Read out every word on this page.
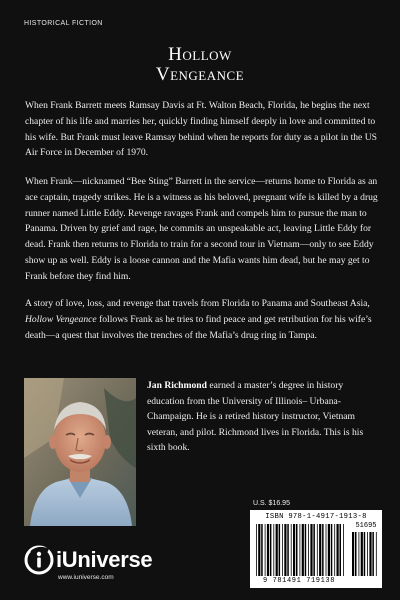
HISTORICAL FICTION
Hollow
Vengeance

When Frank Barrett meets Ramsay Davis at Ft. Walton Beach, Florida, he begins the next chapter of his life and marries her, quickly finding himself deeply in love and committed to his wife. But Frank must leave Ramsay behind when he reports for duty as a pilot in the US Air Force in December of 1970.

When Frank—nicknamed “Bee Sting” Barrett in the service—returns home to Florida as an ace captain, tragedy strikes. He is a witness as his beloved, pregnant wife is killed by a drug runner named Little Eddy. Revenge ravages Frank and compels him to pursue the man to Panama. Driven by grief and rage, he commits an unspeakable act, leaving Little Eddy for dead. Frank then returns to Florida to train for a second tour in Vietnam—only to see Eddy show up as well. Eddy is a loose cannon and the Mafia wants him dead, but he may get to Frank before they find him.

A story of love, loss, and revenge that travels from Florida to Panama and Southeast Asia, Hollow Vengeance follows Frank as he tries to find peace and get retribution for his wife’s death—a quest that involves the trenches of the Mafia’s drug ring in Tampa.

Jan Richmond earned a master’s degree in history education from the University of Illinois– Urbana-Champaign. He is a retired history instructor, Vietnam veteran, and pilot. Richmond lives in Florida. This is his sixth book.

U.S. $16.95
ISBN 978-1-4917-1913-8
9 781491 719138
51695
iUniverse
www.iuniverse.com
